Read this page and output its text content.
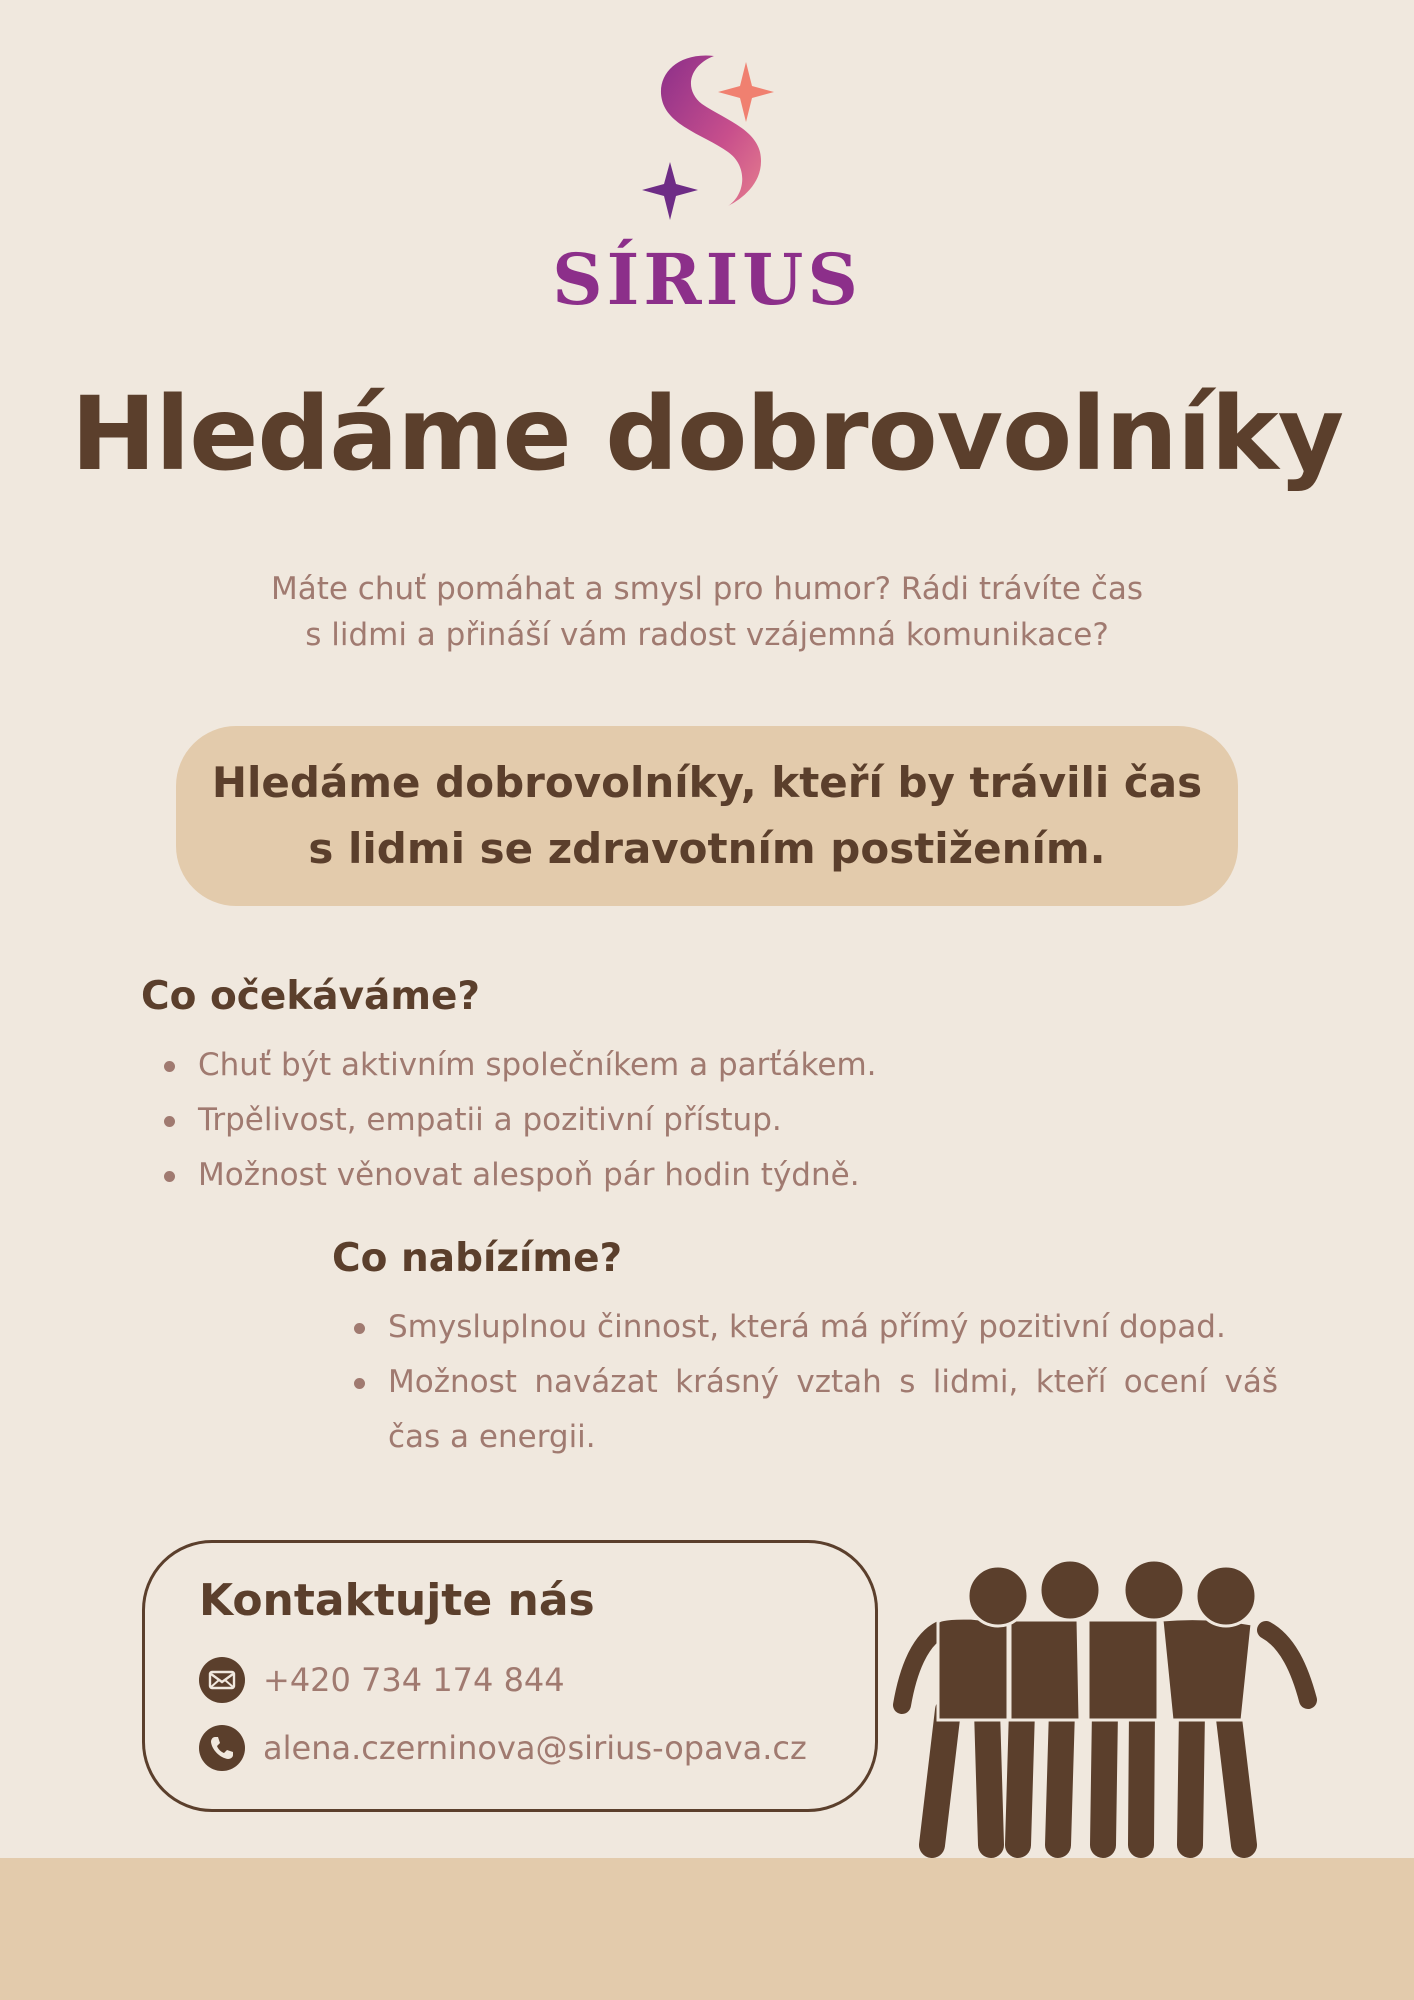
SÍRIUS
Hledáme dobrovolníky
Máte chuť pomáhat a smysl pro humor? Rádi trávíte čas
s lidmi a přináší vám radost vzájemná komunikace?
Hledáme dobrovolníky, kteří by trávili čas
s lidmi se zdravotním postižením.
Co očekáváme?
Chuť být aktivním společníkem a parťákem.
Trpělivost, empatii a pozitivní přístup.
Možnost věnovat alespoň pár hodin týdně.
Co nabízíme?
Smysluplnou činnost, která má přímý pozitivní dopad.
Možnost navázat krásný vztah s lidmi, kteří ocení váš čas a energii.
Kontaktujte nás
+420 734 174 844
alena.czerninova@sirius-opava.cz
